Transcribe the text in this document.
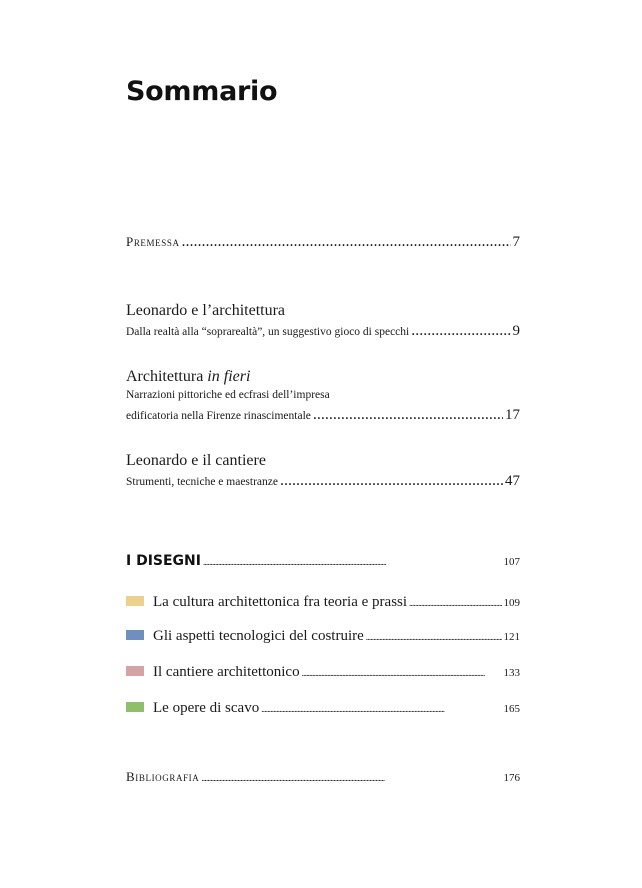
Sommario
Premessa . . .	7
Leonardo e l’architettura
Dalla realtà alla “soprarealtà”, un suggestivo gioco di specchi . . .	9
Architettura in fieri
Narrazioni pittoriche ed ecfrasi dell’impresa
edificatoria nella Firenze rinascimentale . . .	17
Leonardo e il cantiere
Strumenti, tecniche e maestranze . . .	47
I DISEGNI . . .	107
La cultura architettonica fra teoria e prassi . . .	109
Gli aspetti tecnologici del costruire . . .	121
Il cantiere architettonico . . .	133
Le opere di scavo . . .	165
Bibliografia . . .	176
